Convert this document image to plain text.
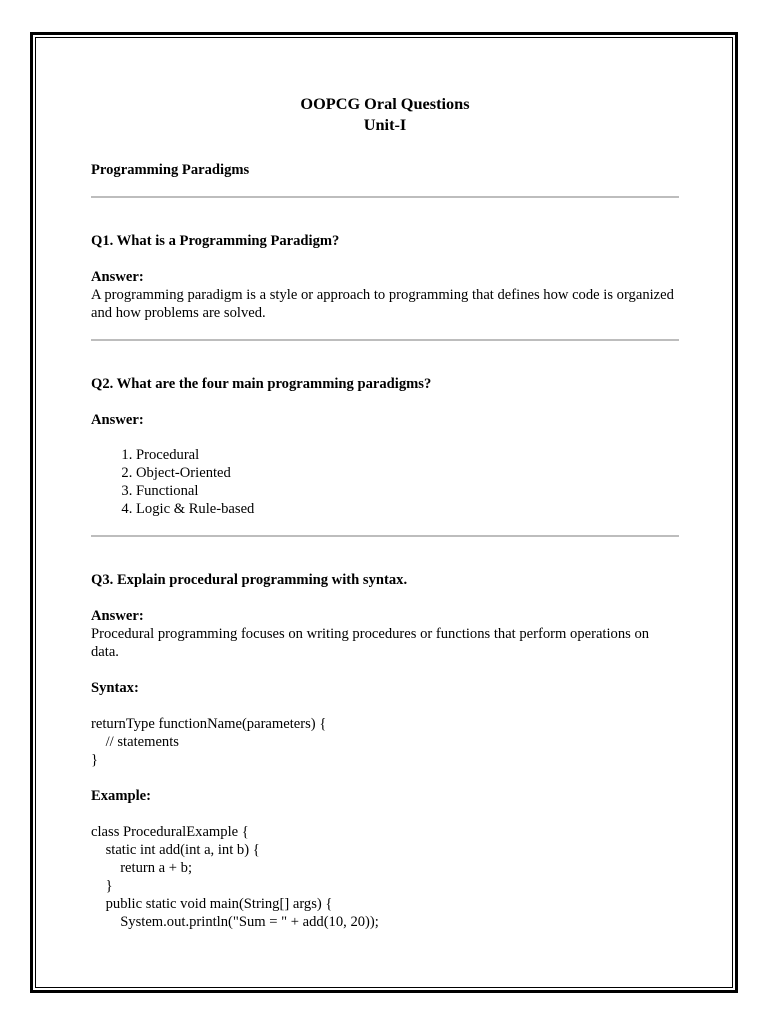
OOPCG Oral Questions
Unit-I
Programming Paradigms
Q1. What is a Programming Paradigm?
Answer:

A programming paradigm is a style or approach to programming that defines how code is organized and how problems are solved.

Q2. What are the four main programming paradigms?
Answer:
1. Procedural
2. Object-Oriented
3. Functional
4. Logic & Rule-based
Q3. Explain procedural programming with syntax.
Answer:

Procedural programming focuses on writing procedures or functions that perform operations on data.

Syntax:
returnType functionName(parameters) {
// statements
}
Example:
class ProceduralExample {
static int add(int a, int b) {
return a + b;
}
public static void main(String[] args) {
System.out.println("Sum = " + add(10, 20));
